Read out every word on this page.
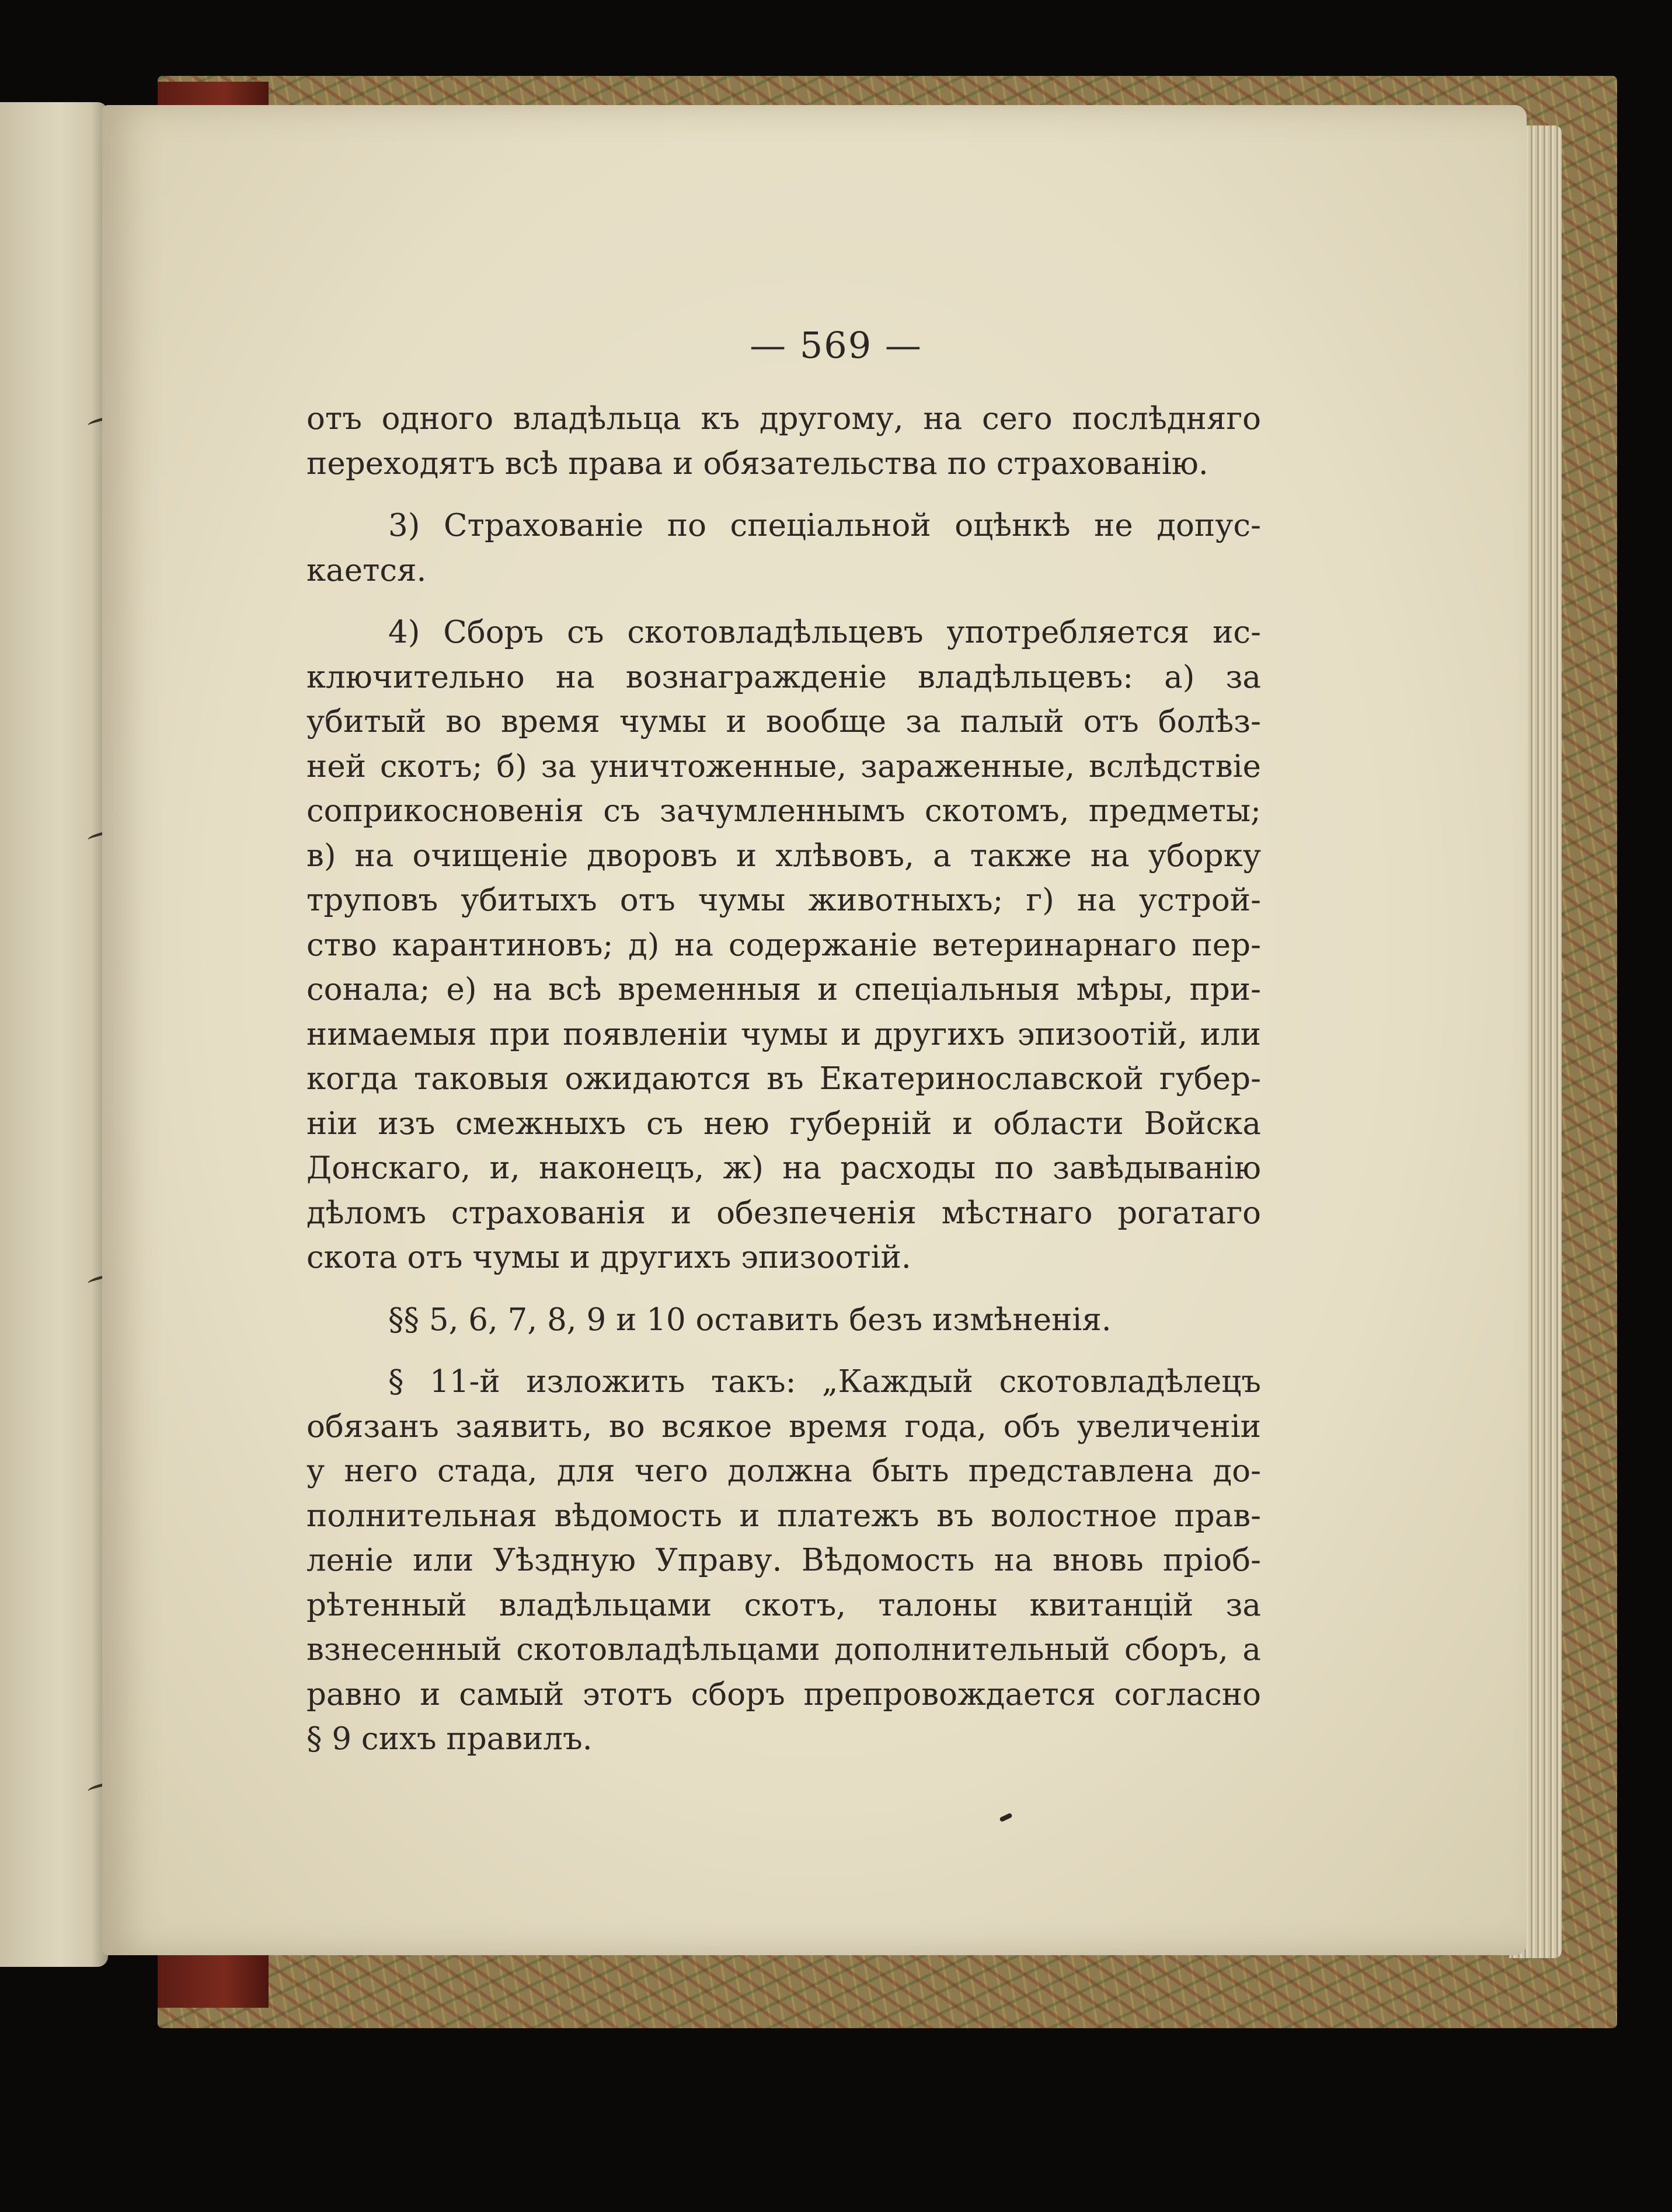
— 569 —
отъ одного владѣльца къ другому, на сего послѣдняго
переходятъ всѣ права и обязательства по страхованію.
3) Страхованіе по спеціальной оцѣнкѣ не допус-
кается.
4) Сборъ съ скотовладѣльцевъ употребляется ис-
ключительно на вознагражденіе владѣльцевъ: а) за
убитый во время чумы и вообще за палый отъ болѣз-
ней скотъ; б) за уничтоженные, зараженные, вслѣдствіе
соприкосновенія съ зачумленнымъ скотомъ, предметы;
в) на очищеніе дворовъ и хлѣвовъ, а также на уборку
труповъ убитыхъ отъ чумы животныхъ; г) на устрой-
ство карантиновъ; д) на содержаніе ветеринарнаго пер-
сонала; е) на всѣ временныя и спеціальныя мѣры, при-
нимаемыя при появленіи чумы и другихъ эпизоотій, или
когда таковыя ожидаются въ Екатеринославской губер-
ніи изъ смежныхъ съ нею губерній и области Войска
Донскаго, и, наконецъ, ж) на расходы по завѣдыванію
дѣломъ страхованія и обезпеченія мѣстнаго рогатаго
скота отъ чумы и другихъ эпизоотій.
§§ 5, 6, 7, 8, 9 и 10 оставить безъ измѣненія.
§ 11-й изложить такъ: „Каждый скотовладѣлецъ
обязанъ заявить, во всякое время года, объ увеличеніи
у него стада, для чего должна быть представлена до-
полнительная вѣдомость и платежъ въ волостное прав-
леніе или Уѣздную Управу. Вѣдомость на вновь пріоб-
рѣтенный владѣльцами скотъ, талоны квитанцій за
взнесенный скотовладѣльцами дополнительный сборъ, а
равно и самый этотъ сборъ препровождается согласно
§ 9 сихъ правилъ.
